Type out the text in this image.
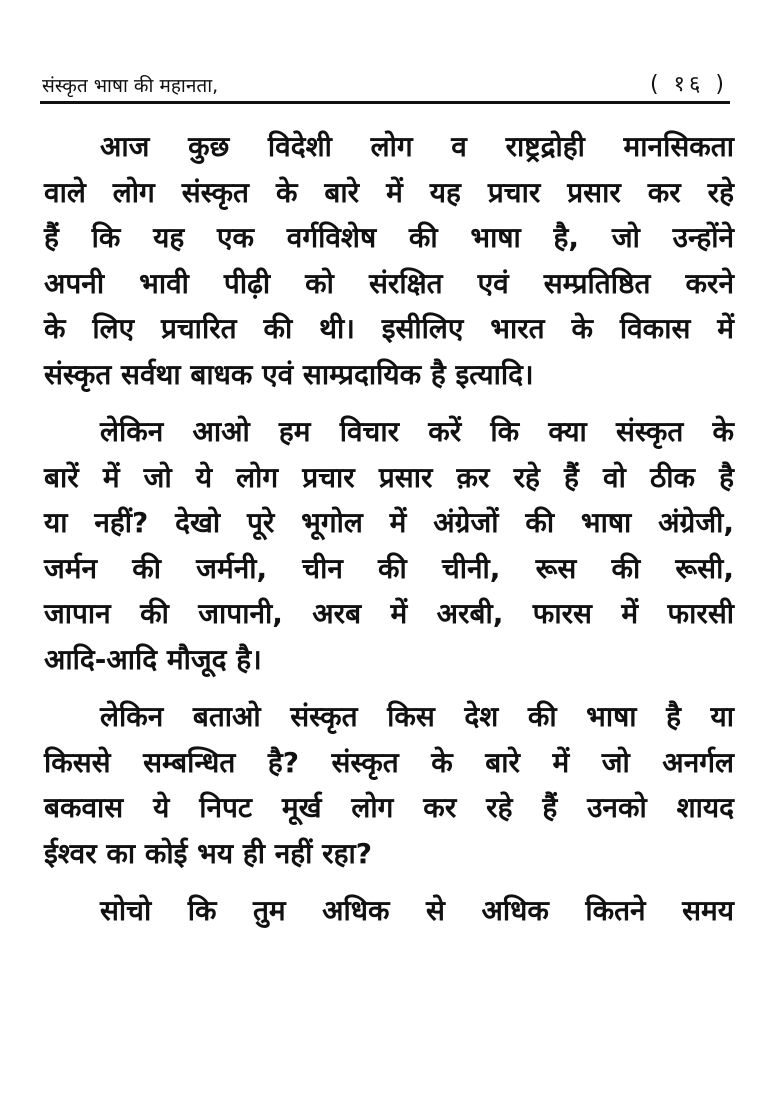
संस्कृत भाषा की महानता,	( १६ )
आज कुछ विदेशी लोग व राष्ट्रद्रोही मानसिकता
वाले लोग संस्कृत के बारे में यह प्रचार प्रसार कर रहे
हैं कि यह एक वर्गविशेष की भाषा है, जो उन्होंने
अपनी भावी पीढ़ी को संरक्षित एवं सम्प्रतिष्ठित करने
के लिए प्रचारित की थी। इसीलिए भारत के विकास में
संस्कृत सर्वथा बाधक एवं साम्प्रदायिक है इत्यादि।
लेकिन आओ हम विचार करें कि क्या संस्कृत के
बारें में जो ये लोग प्रचार प्रसार क़र रहे हैं वो ठीक है
या नहीं? देखो पूरे भूगोल में अंग्रेजों की भाषा अंग्रेजी,
जर्मन की जर्मनी, चीन की चीनी, रूस की रूसी,
जापान की जापानी, अरब में अरबी, फारस में फारसी
आदि-आदि मौजूद है।
लेकिन बताओ संस्कृत किस देश की भाषा है या
किससे सम्बन्धित है? संस्कृत के बारे में जो अनर्गल
बकवास ये निपट मूर्ख लोग कर रहे हैं उनको शायद
ईश्वर का कोई भय ही नहीं रहा?
सोचो कि तुम अधिक से अधिक कितने समय
